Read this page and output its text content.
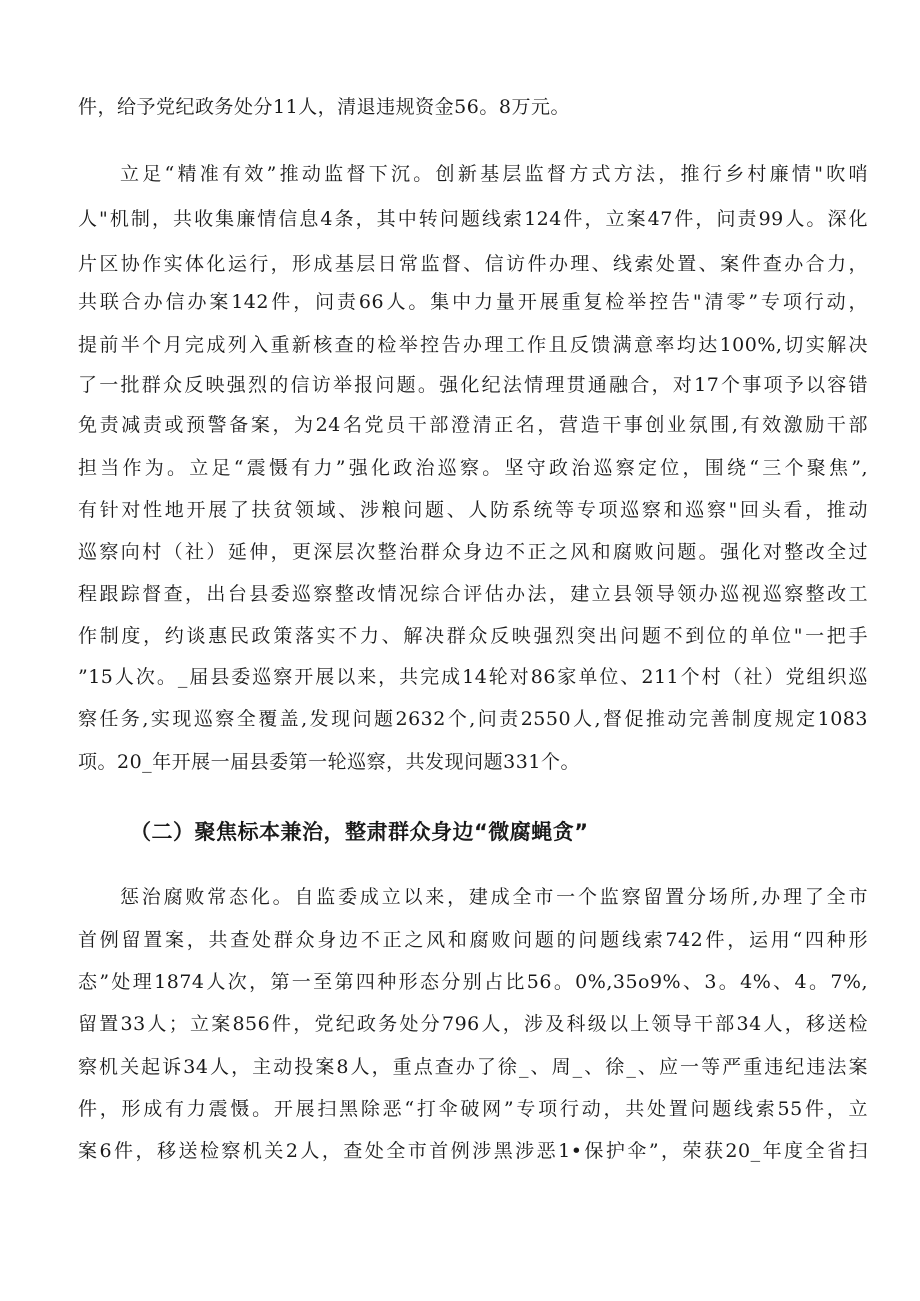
件，给予党纪政务处分11人，清退违规资金56。8万元。
立足“精准有效”推动监督下沉。创新基层监督方式方法，推行乡村廉情"吹哨
人"机制，共收集廉情信息4条，其中转问题线索124件，立案47件，问责99人。深化
片区协作实体化运行，形成基层日常监督、信访件办理、线索处置、案件查办合力，
共联合办信办案142件，问责66人。集中力量开展重复检举控告"清零”专项行动，
提前半个月完成列入重新核查的检举控告办理工作且反馈满意率均达100%,切实解决
了一批群众反映强烈的信访举报问题。强化纪法情理贯通融合，对17个事项予以容错
免责减责或预警备案，为24名党员干部澄清正名，营造干事创业氛围,有效激励干部
担当作为。立足“震慑有力”强化政治巡察。坚守政治巡察定位，围绕“三个聚焦”,
有针对性地开展了扶贫领域、涉粮问题、人防系统等专项巡察和巡察"回头看，推动
巡察向村（社）延伸，更深层次整治群众身边不正之风和腐败问题。强化对整改全过
程跟踪督查，出台县委巡察整改情况综合评估办法，建立县领导领办巡视巡察整改工
作制度，约谈惠民政策落实不力、解决群众反映强烈突出问题不到位的单位"一把手
”15人次。_届县委巡察开展以来，共完成14轮对86家单位、211个村（社）党组织巡
察任务,实现巡察全覆盖,发现问题2632个,问责2550人,督促推动完善制度规定1083
项。20_年开展一届县委第一轮巡察，共发现问题331个。
（二）聚焦标本兼治，整肃群众身边“微腐蝇贪”
惩治腐败常态化。自监委成立以来，建成全市一个监察留置分场所,办理了全市
首例留置案，共查处群众身边不正之风和腐败问题的问题线索742件，运用“四种形
态”处理1874人次，第一至第四种形态分别占比56。0%,35o9%、3。4%、4。7%,
留置33人；立案856件，党纪政务处分796人，涉及科级以上领导干部34人，移送检
察机关起诉34人，主动投案8人，重点查办了徐_、周_、徐_、应一等严重违纪违法案
件，形成有力震慑。开展扫黑除恶“打伞破网”专项行动，共处置问题线索55件，立
案6件，移送检察机关2人，查处全市首例涉黑涉恶1•保护伞”，荣获20_年度全省扫
